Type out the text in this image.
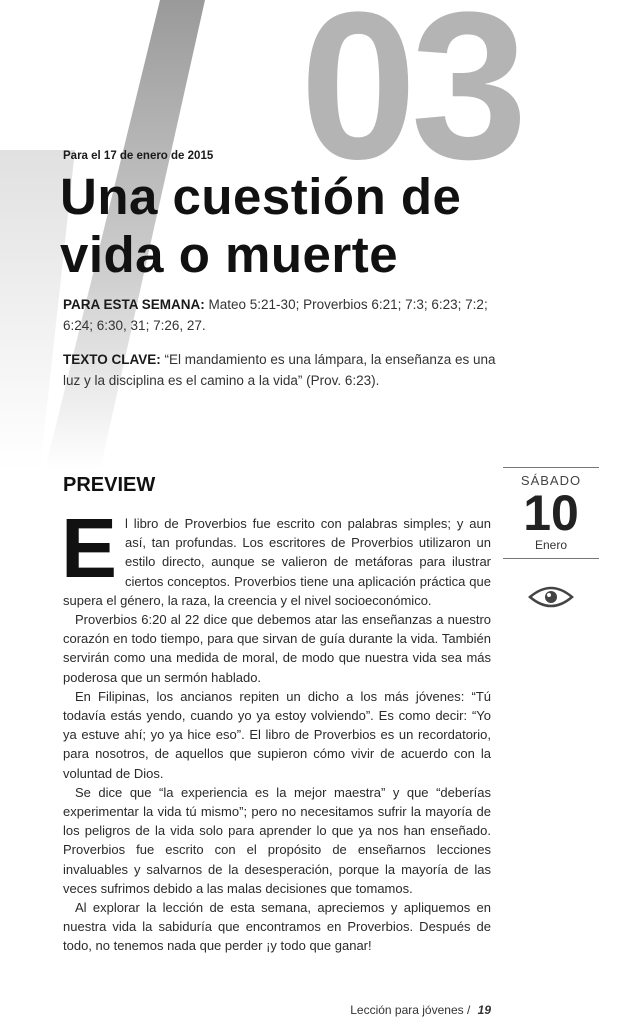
03
Para el 17 de enero de 2015
Una cuestión de
vida o muerte
PARA ESTA SEMANA: Mateo 5:21-30; Proverbios 6:21; 7:3; 6:23; 7:2; 6:24; 6:30, 31; 7:26, 27.
TEXTO CLAVE: “El mandamiento es una lámpara, la enseñanza es una luz y la disciplina es el camino a la vida” (Prov. 6:23).
PREVIEW

El libro de Proverbios fue escrito con palabras simples; y aun así, tan profundas. Los escritores de Proverbios utilizaron un estilo directo, aunque se valieron de metáforas para ilustrar ciertos conceptos. Proverbios tiene una aplicación práctica que supera el género, la raza, la creencia y el nivel socioeconómico.

Proverbios 6:20 al 22 dice que debemos atar las enseñanzas a nuestro corazón en todo tiempo, para que sirvan de guía durante la vida. También servirán como una medida de moral, de modo que nuestra vida sea más poderosa que un sermón hablado.

En Filipinas, los ancianos repiten un dicho a los más jóvenes: “Tú todavía estás yendo, cuando yo ya estoy volviendo”. Es como decir: “Yo ya estuve ahí; yo ya hice eso”. El libro de Proverbios es un recordatorio, para nosotros, de aquellos que supieron cómo vivir de acuerdo con la voluntad de Dios.

Se dice que “la experiencia es la mejor maestra” y que “deberías experimentar la vida tú mismo”; pero no necesitamos sufrir la mayoría de los peligros de la vida solo para aprender lo que ya nos han enseñado. Proverbios fue escrito con el propósito de enseñarnos lecciones invaluables y salvarnos de la desesperación, porque la mayoría de las veces sufrimos debido a las malas decisiones que tomamos.

Al explorar la lección de esta semana, apreciemos y apliquemos en nuestra vida la sabiduría que encontramos en Proverbios. Después de todo, no tenemos nada que perder ¡y todo que ganar!

SÁBADO
10
Enero
Lección para jóvenes / 19
